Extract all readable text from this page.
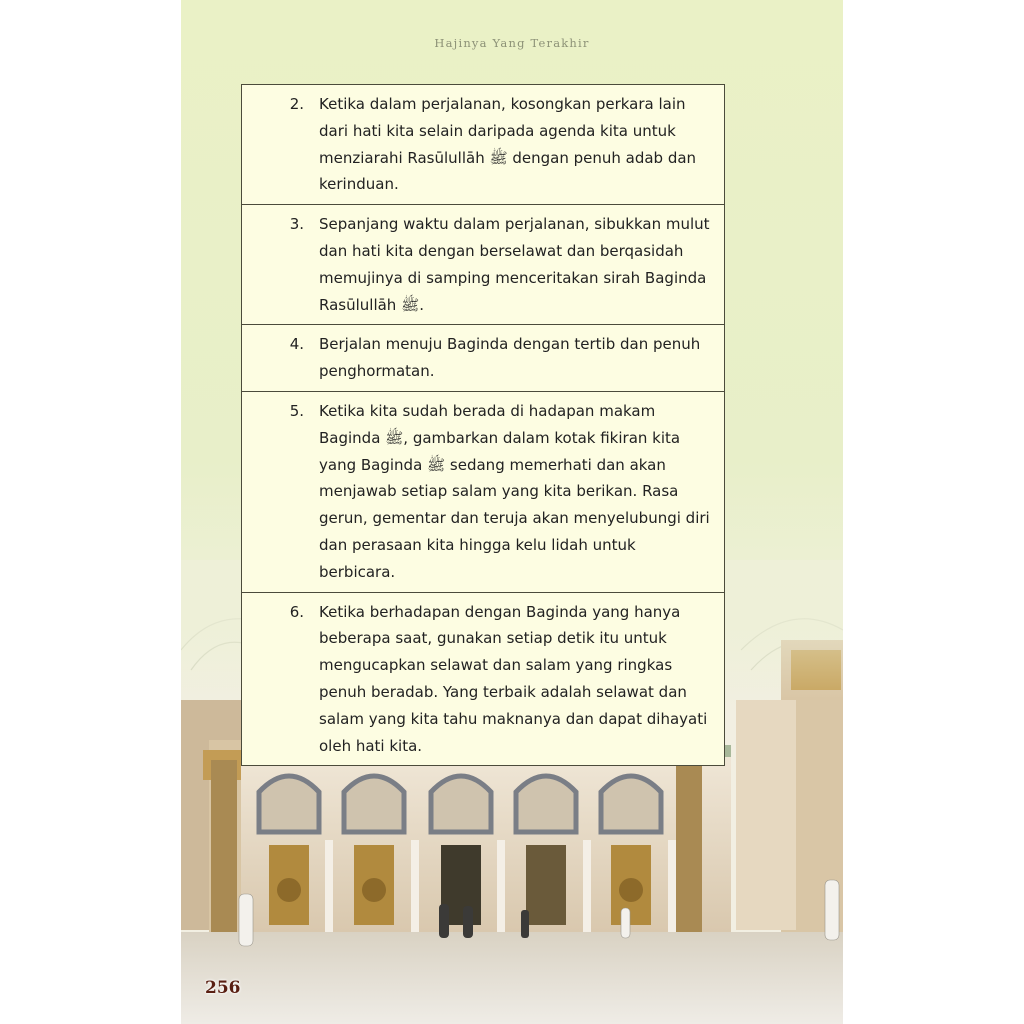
Hajinya Yang Terakhir
2.	Ketika dalam perjalanan, kosongkan perkara lain dari hati kita selain daripada agenda kita untuk menziarahi Rasūlullāh ﷺ dengan penuh adab dan kerinduan.
3.	Sepanjang waktu dalam perjalanan, sibukkan mulut dan hati kita dengan berselawat dan berqasidah memujinya di samping menceritakan sirah Baginda Rasūlullāh ﷺ.
4.	Berjalan menuju Baginda dengan tertib dan penuh penghormatan.
5.	Ketika kita sudah berada di hadapan makam Baginda ﷺ, gambarkan dalam kotak fikiran kita yang Baginda ﷺ sedang memerhati dan akan menjawab setiap salam yang kita berikan. Rasa gerun, gementar dan teruja akan menyelubungi diri dan perasaan kita hingga kelu lidah untuk berbicara.
6.	Ketika berhadapan dengan Baginda yang hanya beberapa saat, gunakan setiap detik itu untuk mengucapkan selawat dan salam yang ringkas penuh beradab. Yang terbaik adalah selawat dan salam yang kita tahu maknanya dan dapat dihayati oleh hati kita.
256
